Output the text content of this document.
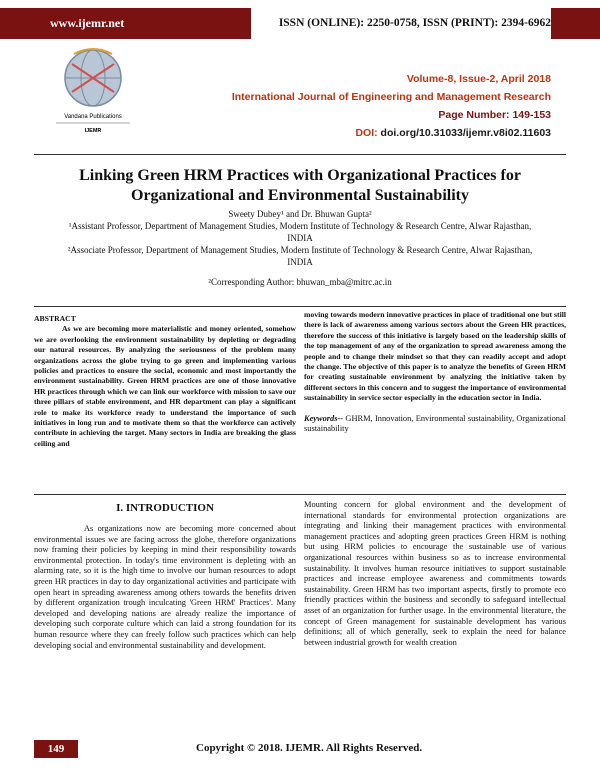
www.ijemr.net	ISSN (ONLINE): 2250-0758, ISSN (PRINT): 2394-6962
Vandana Publications
IJEMR
Volume-8, Issue-2, April 2018
International Journal of Engineering and Management Research
Page Number: 149-153
DOI: doi.org/10.31033/ijemr.v8i02.11603
Linking Green HRM Practices with Organizational Practices for
Organizational and Environmental Sustainability
Sweety Dubey¹ and Dr. Bhuwan Gupta²
¹Assistant Professor, Department of Management Studies, Modern Institute of Technology & Research Centre, Alwar Rajasthan, INDIA
²Associate Professor, Department of Management Studies, Modern Institute of Technology & Research Centre, Alwar Rajasthan, INDIA
²Corresponding Author: bhuwan_mba@mitrc.ac.in
ABSTRACT
As we are becoming more materialistic and money oriented, somehow we are overlooking the environment sustainability by depleting or degrading our natural resources. By analyzing the seriousness of the problem many organizations across the globe trying to go green and implementing various policies and practices to ensure the social, economic and most importantly the environment sustainability. Green HRM practices are one of those innovative HR practices through which we can link our workforce with mission to save our three pillars of stable environment, and HR department can play a significant role to make its workforce ready to understand the importance of such initiatives in long run and to motivate them so that the workforce can actively contribute in achieving the target. Many sectors in India are breaking the glass ceiling and
moving towards modern innovative practices in place of traditional one but still there is lack of awareness among various sectors about the Green HR practices, therefore the success of this initiative is largely based on the leadership skills of the top management of any of the organization to spread awareness among the people and to change their mindset so that they can readily accept and adopt the change. The objective of this paper is to analyze the benefits of Green HRM for creating sustainable environment by analyzing the initiative taken by different sectors in this concern and to suggest the importance of environmental sustainability in service sector especially in the education sector in India.
Keywords-- GHRM, Innovation, Environmental sustainability, Organizational sustainability
I. INTRODUCTION
As organizations now are becoming more concerned about environmental issues we are facing across the globe, therefore organizations now framing their policies by keeping in mind their responsibility towards environmental protection. In today's time environment is depleting with an alarming rate, so it is the high time to involve our human resources to adopt green HR practices in day to day organizational activities and participate with open heart in spreading awareness among others towards the benefits driven by different organization trough inculcating 'Green HRM' Practices'. Many developed and developing nations are already realize the importance of developing such corporate culture which can laid a strong foundation for its human resource where they can freely follow such practices which can help developing social and environmental sustainability and development.
Mounting concern for global environment and the development of international standards for environmental protection organizations are integrating and linking their management practices with environmental management practices and adopting green practices Green HRM is nothing but using HRM policies to encourage the sustainable use of various organizational resources within business so as to increase environmental sustainability. It involves human resource initiatives to support sustainable practices and increase employee awareness and commitments towards sustainability. Green HRM has two important aspects, firstly to promote eco friendly practices within the business and secondly to safeguard intellectual asset of an organization for further usage. In the environmental literature, the concept of Green management for sustainable development has various definitions; all of which generally, seek to explain the need for balance between industrial growth for wealth creation
149	Copyright © 2018. IJEMR. All Rights Reserved.
